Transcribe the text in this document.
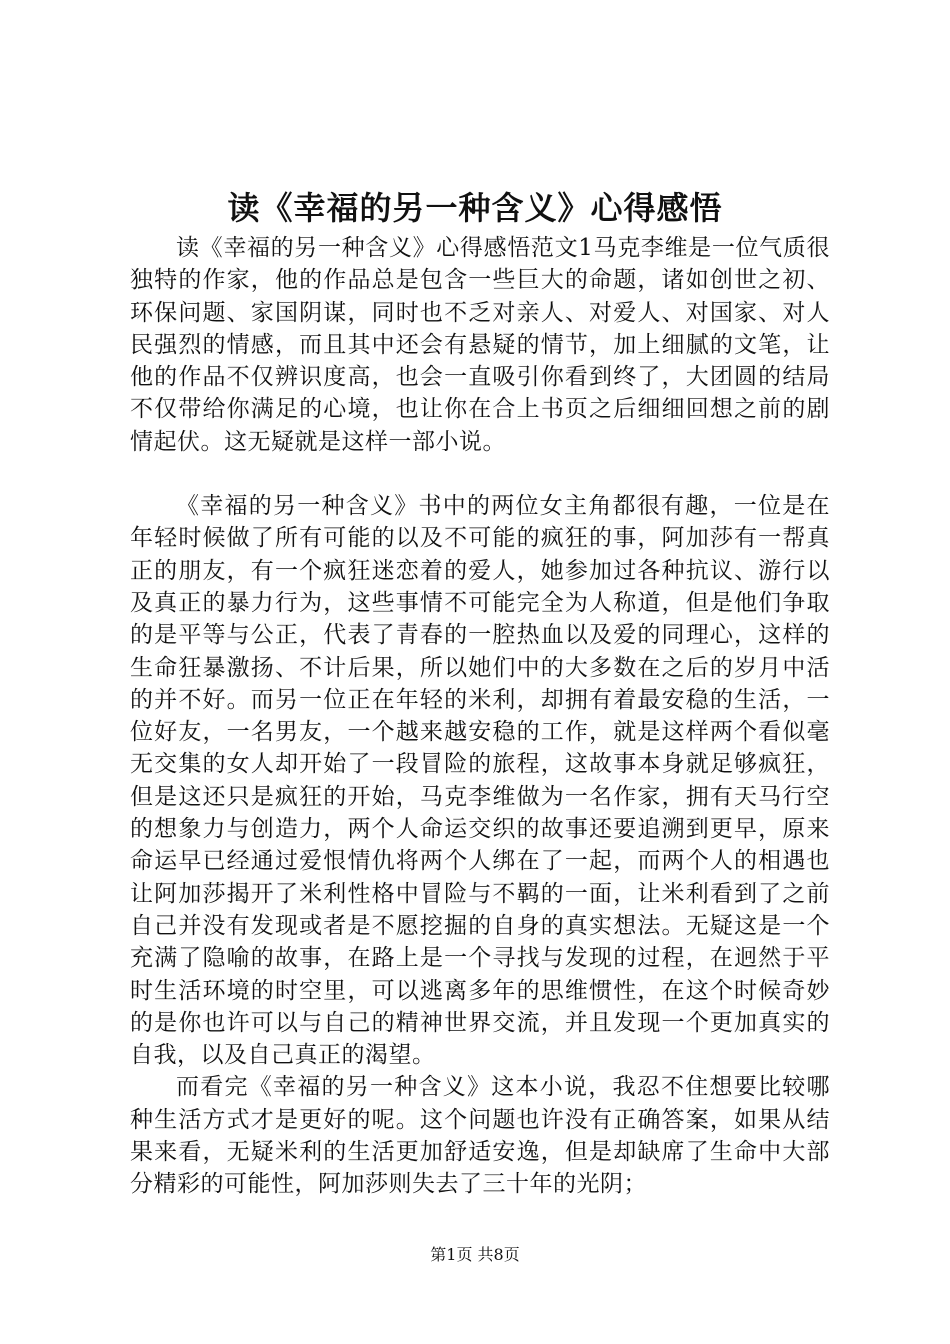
读《幸福的另一种含义》心得感悟

读《幸福的另一种含义》心得感悟范文1马克李维是一位气质很独特的作家，他的作品总是包含一些巨大的命题，诸如创世之初、环保问题、家国阴谋，同时也不乏对亲人、对爱人、对国家、对人民强烈的情感，而且其中还会有悬疑的情节，加上细腻的文笔，让他的作品不仅辨识度高，也会一直吸引你看到终了，大团圆的结局不仅带给你满足的心境，也让你在合上书页之后细细回想之前的剧情起伏。这无疑就是这样一部小说。

《幸福的另一种含义》书中的两位女主角都很有趣，一位是在年轻时候做了所有可能的以及不可能的疯狂的事，阿加莎有一帮真正的朋友，有一个疯狂迷恋着的爱人，她参加过各种抗议、游行以及真正的暴力行为，这些事情不可能完全为人称道，但是他们争取的是平等与公正，代表了青春的一腔热血以及爱的同理心，这样的生命狂暴激扬、不计后果，所以她们中的大多数在之后的岁月中活的并不好。而另一位正在年轻的米利，却拥有着最安稳的生活，一位好友，一名男友，一个越来越安稳的工作，就是这样两个看似毫无交集的女人却开始了一段冒险的旅程，这故事本身就足够疯狂，但是这还只是疯狂的开始，马克李维做为一名作家，拥有天马行空的想象力与创造力，两个人命运交织的故事还要追溯到更早，原来命运早已经通过爱恨情仇将两个人绑在了一起，而两个人的相遇也让阿加莎揭开了米利性格中冒险与不羁的一面，让米利看到了之前自己并没有发现或者是不愿挖掘的自身的真实想法。无疑这是一个充满了隐喻的故事，在路上是一个寻找与发现的过程，在迥然于平时生活环境的时空里，可以逃离多年的思维惯性，在这个时候奇妙的是你也许可以与自己的精神世界交流，并且发现一个更加真实的自我，以及自己真正的渴望。

而看完《幸福的另一种含义》这本小说，我忍不住想要比较哪种生活方式才是更好的呢。这个问题也许没有正确答案，如果从结果来看，无疑米利的生活更加舒适安逸，但是却缺席了生命中大部分精彩的可能性，阿加莎则失去了三十年的光阴；

第1页 共8页
